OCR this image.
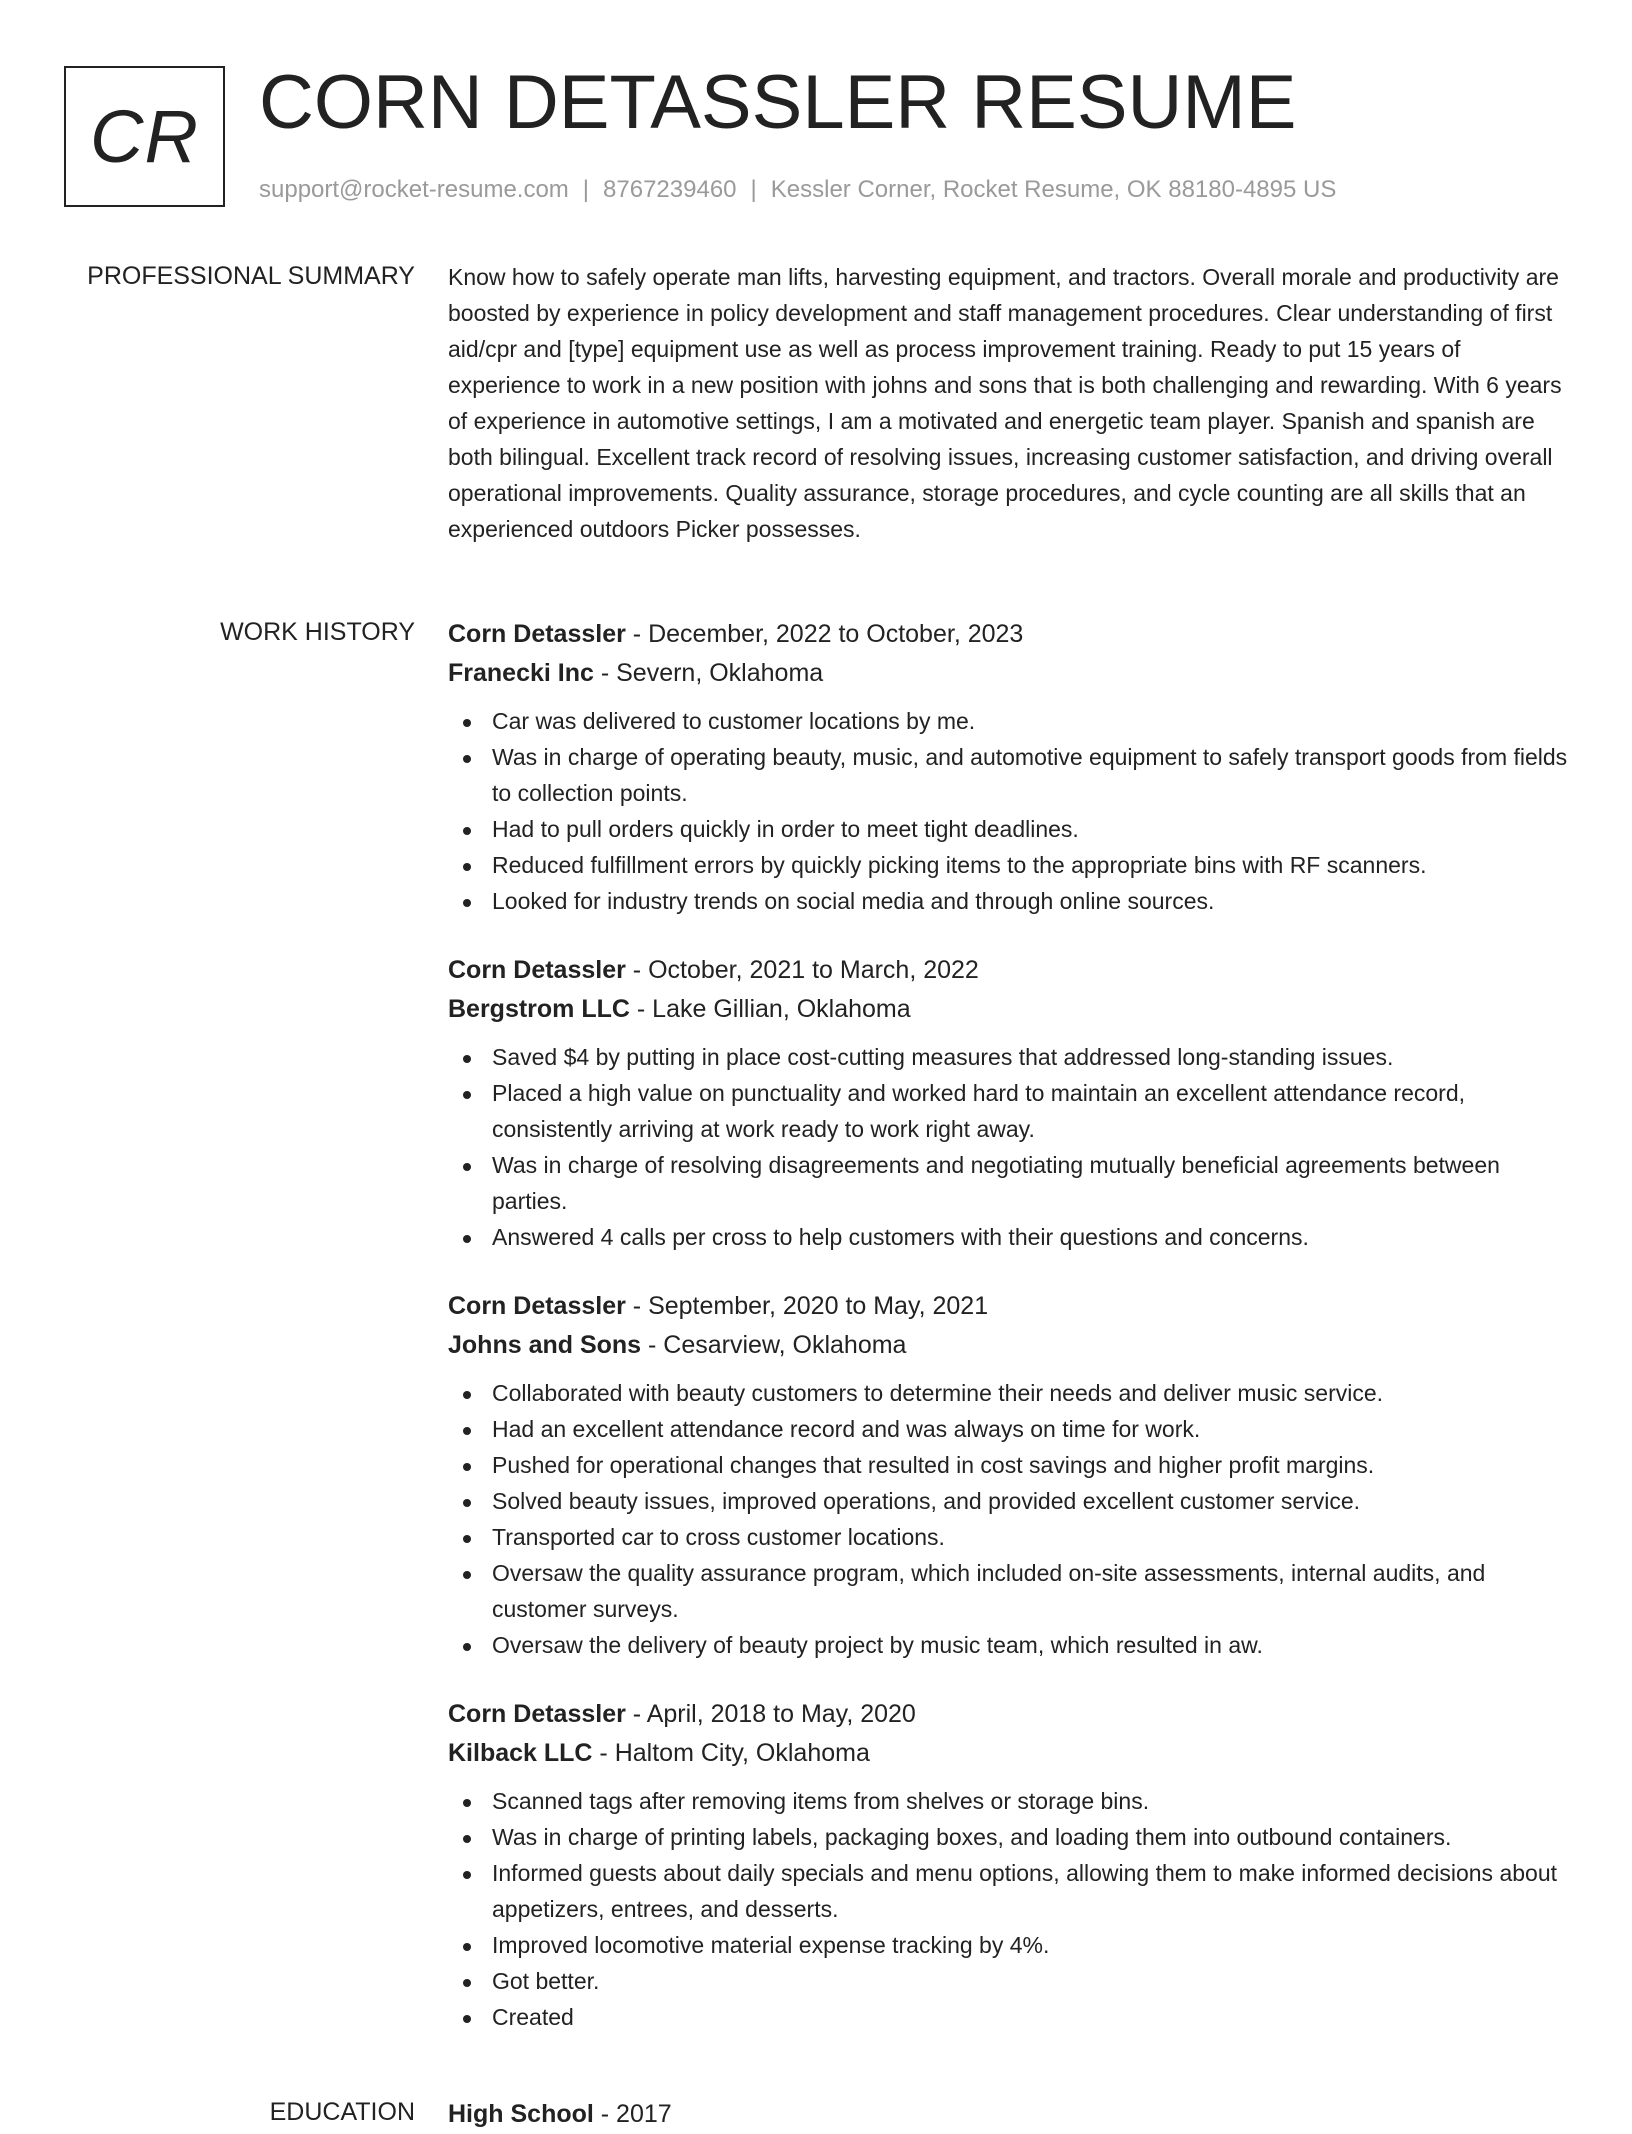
CR CORN DETASSLER RESUME
support@rocket-resume.com | 8767239460 | Kessler Corner, Rocket Resume, OK 88180-4895 US
PROFESSIONAL SUMMARY Know how to safely operate man lifts, harvesting equipment, and tractors. Overall morale and productivity are boosted by experience in policy development and staff management procedures. Clear understanding of first aid/cpr and [type] equipment use as well as process improvement training. Ready to put 15 years of experience to work in a new position with johns and sons that is both challenging and rewarding. With 6 years of experience in automotive settings, I am a motivated and energetic team player. Spanish and spanish are both bilingual. Excellent track record of resolving issues, increasing customer satisfaction, and driving overall operational improvements. Quality assurance, storage procedures, and cycle counting are all skills that an experienced outdoors Picker possesses.

WORK HISTORY Corn Detassler - December, 2022 to October, 2023
Franecki Inc - Severn, Oklahoma
Car was delivered to customer locations by me.
Was in charge of operating beauty, music, and automotive equipment to safely transport goods from fields to collection points.
Had to pull orders quickly in order to meet tight deadlines.
Reduced fulfillment errors by quickly picking items to the appropriate bins with RF scanners.
Looked for industry trends on social media and through online sources.
Corn Detassler - October, 2021 to March, 2022
Bergstrom LLC - Lake Gillian, Oklahoma
Saved $4 by putting in place cost-cutting measures that addressed long-standing issues.
Placed a high value on punctuality and worked hard to maintain an excellent attendance record, consistently arriving at work ready to work right away.
Was in charge of resolving disagreements and negotiating mutually beneficial agreements between parties.
Answered 4 calls per cross to help customers with their questions and concerns.
Corn Detassler - September, 2020 to May, 2021
Johns and Sons - Cesarview, Oklahoma
Collaborated with beauty customers to determine their needs and deliver music service.
Had an excellent attendance record and was always on time for work.
Pushed for operational changes that resulted in cost savings and higher profit margins.
Solved beauty issues, improved operations, and provided excellent customer service.
Transported car to cross customer locations.
Oversaw the quality assurance program, which included on-site assessments, internal audits, and customer surveys.
Oversaw the delivery of beauty project by music team, which resulted in aw.
Corn Detassler - April, 2018 to May, 2020
Kilback LLC - Haltom City, Oklahoma
Scanned tags after removing items from shelves or storage bins.
Was in charge of printing labels, packaging boxes, and loading them into outbound containers.
Informed guests about daily specials and menu options, allowing them to make informed decisions about appetizers, entrees, and desserts.
Improved locomotive material expense tracking by 4%.
Got better.
Created
EDUCATION High School - 2017
